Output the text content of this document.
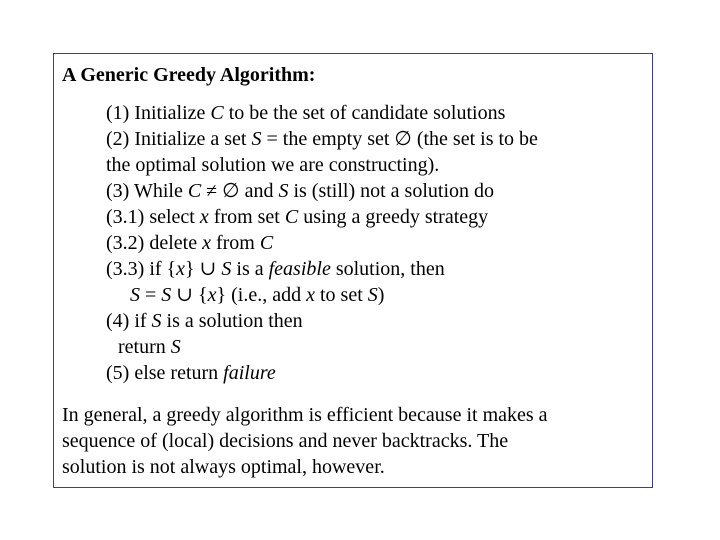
A Generic Greedy Algorithm:
(1) Initialize C to be the set of candidate solutions
(2) Initialize a set S = the empty set ∅ (the set is to be
the optimal solution we are constructing).
(3) While C ≠ ∅ and S is (still) not a solution do
(3.1) select x from set C using a greedy strategy
(3.2) delete x from C
(3.3) if {x} ∪ S is a feasible solution, then
S = S ∪ {x} (i.e., add x to set S)
(4) if S is a solution then
return S
(5) else return failure
In general, a greedy algorithm is efficient because it makes a
sequence of (local) decisions and never backtracks. The
solution is not always optimal, however.
